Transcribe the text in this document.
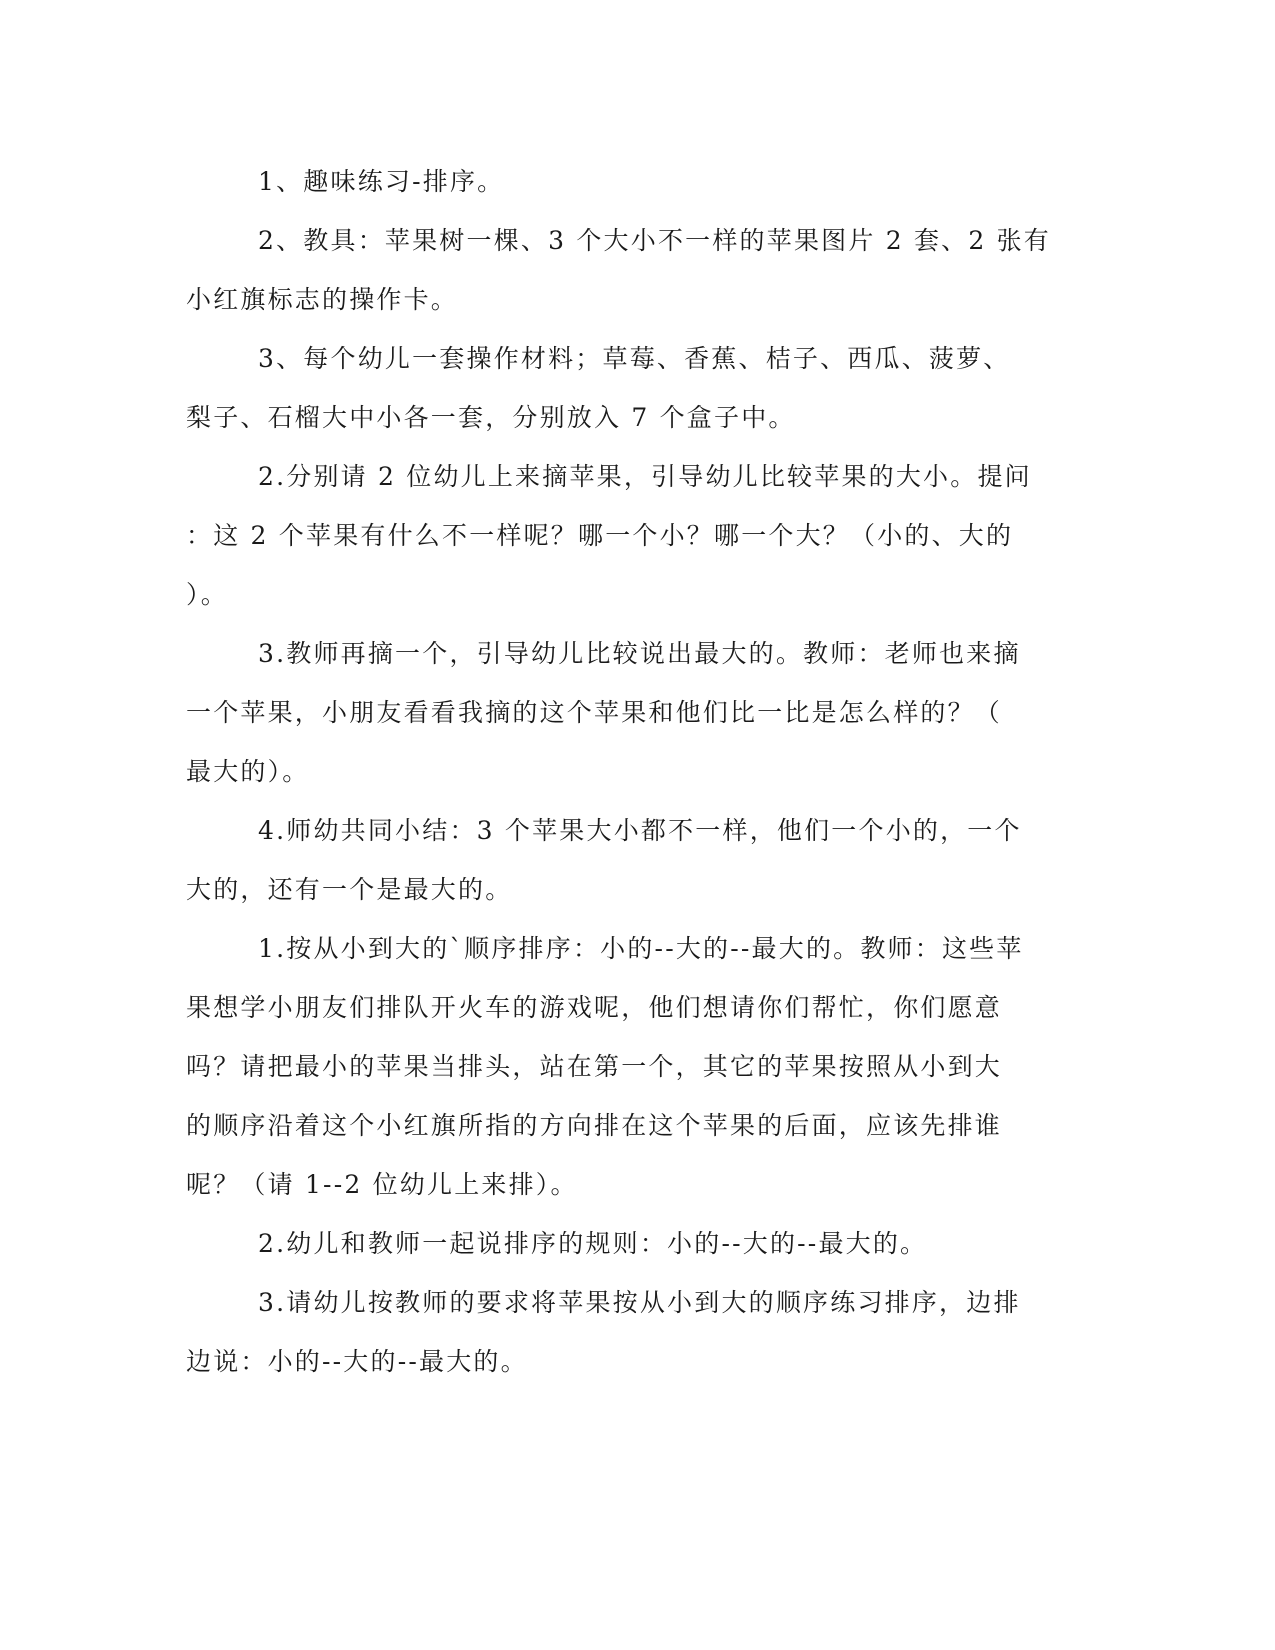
1、趣味练习-排序。

2、教具：苹果树一棵、3 个大小不一样的苹果图片 2 套、2 张有

小红旗标志的操作卡。

3、每个幼儿一套操作材料；草莓、香蕉、桔子、西瓜、菠萝、

梨子、石榴大中小各一套，分别放入 7 个盒子中。

2.分别请 2 位幼儿上来摘苹果，引导幼儿比较苹果的大小。提问

：这 2 个苹果有什么不一样呢？哪一个小？哪一个大？（小的、大的

）。

3.教师再摘一个，引导幼儿比较说出最大的。教师：老师也来摘

一个苹果，小朋友看看我摘的这个苹果和他们比一比是怎么样的？（

最大的）。

4.师幼共同小结：3 个苹果大小都不一样，他们一个小的，一个

大的，还有一个是最大的。

1.按从小到大的`顺序排序：小的--大的--最大的。教师：这些苹

果想学小朋友们排队开火车的游戏呢，他们想请你们帮忙，你们愿意

吗？请把最小的苹果当排头，站在第一个，其它的苹果按照从小到大

的顺序沿着这个小红旗所指的方向排在这个苹果的后面，应该先排谁

呢？（请 1--2 位幼儿上来排）。

2.幼儿和教师一起说排序的规则：小的--大的--最大的。

3.请幼儿按教师的要求将苹果按从小到大的顺序练习排序，边排

边说：小的--大的--最大的。
